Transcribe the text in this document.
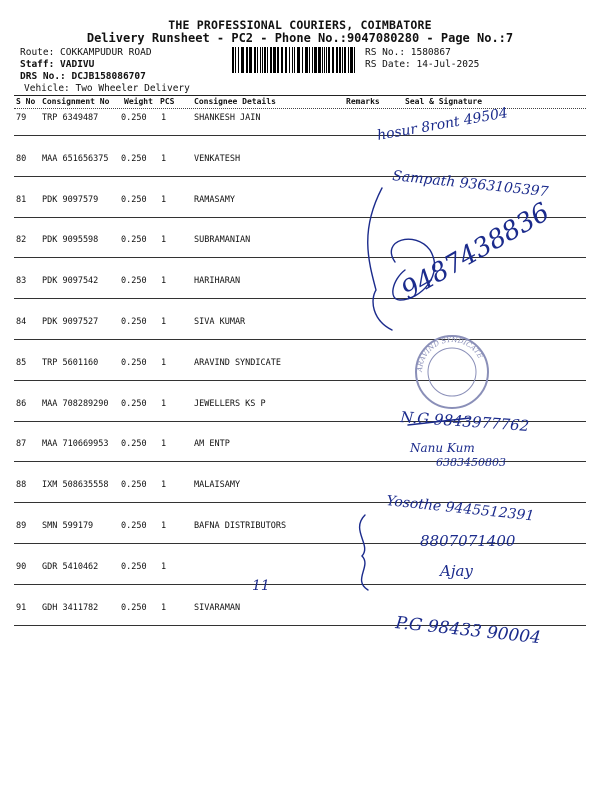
THE PROFESSIONAL COURIERS, COIMBATORE
Delivery Runsheet - PC2 - Phone No.:9047080280 - Page No.:7
Route: COKKAMPUDUR ROAD
Staff: VADIVU
DRS No.: DCJB158086707
Vehicle: Two Wheeler Delivery
RS No.: 1580867
RS Date: 14-Jul-2025
S No Consignment No Weight PCS Consignee Details	Remarks	Seal & Signature
79 TRP 6349487	0.250 1	SHANKESH JAIN
80 MAA 651656375 0.250 1	VENKATESH
81 PDK 9097579	0.250 1	RAMASAMY
82 PDK 9095598	0.250 1	SUBRAMANIAN
83 PDK 9097542	0.250 1	HARIHARAN
84 PDK 9097527	0.250 1	SIVA KUMAR
85 TRP 5601160	0.250 1	ARAVIND SYNDICATE
86 MAA 708289290 0.250 1	JEWELLERS KS P
87 MAA 710669953 0.250 1	AM ENTP
88 IXM 508635558 0.250 1	MALAISAMY
89 SMN 599179	0.250 1	BAFNA DISTRIBUTORS
90 GDR 5410462	0.250 1
91 GDH 3411782	0.250 1	SIVARAMAN
ARAVIND SYNDICATE
hosur 8ront 49504
Sampath 9363105397
9487438836
N.G 9843977762
Nanu Kum
6383450803
Yosothe 9445512391
8807071400
Ajay
11
P.G 98433 90004
